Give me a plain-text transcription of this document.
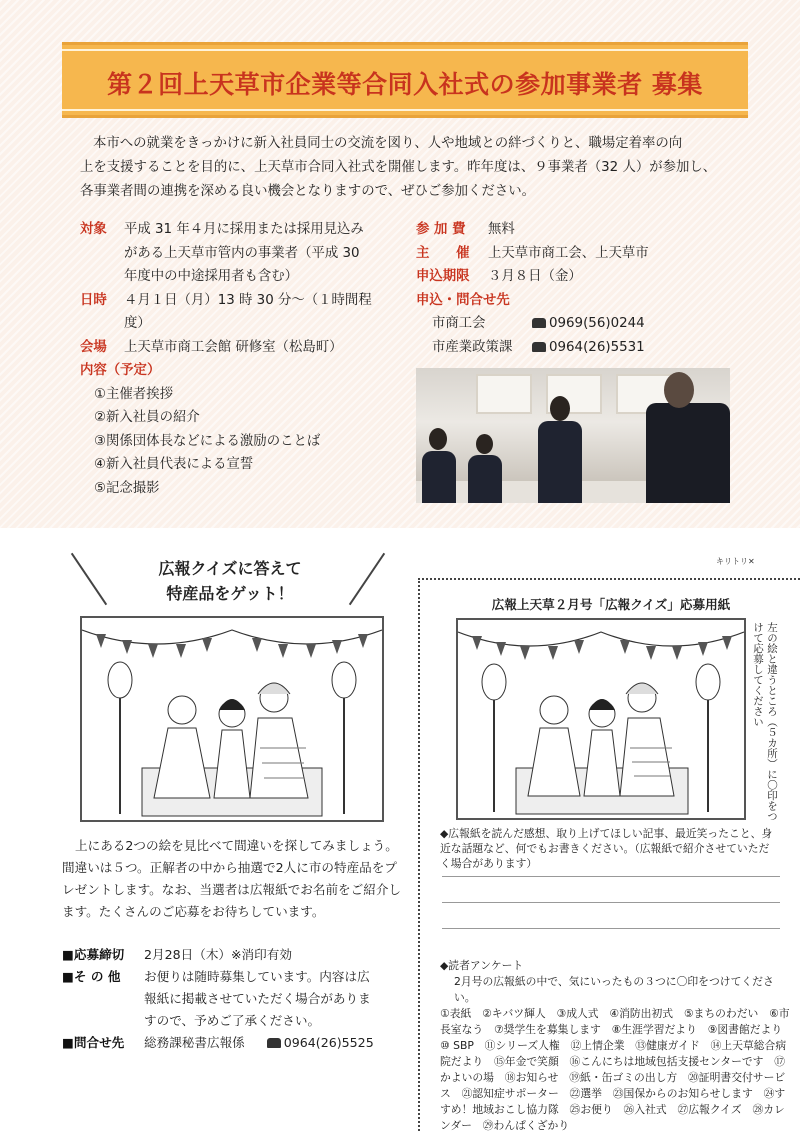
第２回上天草市企業等合同入社式の参加事業者 募集
本市への就業をきっかけに新入社員同士の交流を図り、人や地域との絆づくりと、職場定着率の向
上を支援することを目的に、上天草市合同入社式を開催します。昨年度は、９事業者（32 人）が参加し、
各事業者間の連携を深める良い機会となりますので、ぜひご参加ください。
対象	平成 31 年４月に採用または採用見込み
がある上天草市管内の事業者（平成 30
年度中の中途採用者も含む）
日時	４月１日（月）13 時 30 分～（１時間程度）
会場	上天草市商工会館 研修室（松島町）
内容（予定）
①主催者挨拶
②新入社員の紹介
③関係団体長などによる激励のことば
④新入社員代表による宣誓
⑤記念撮影
参 加 費	無料
主　　催	上天草市商工会、上天草市
申込期限	３月８日（金）
申込・問合せ先
市商工会	0969(56)0244
市産業政策課	0964(26)5531
キリトリ✕
広報クイズに答えて
特産品をゲット！
上にある2つの絵を見比べて間違いを探してみましょう。間違いは５つ。正解者の中から抽選で2人に市の特産品をプレゼントします。なお、当選者は広報紙でお名前をご紹介します。たくさんのご応募をお待ちしています。
■応募締切	2月28日（木）※消印有効
■そ の 他	お便りは随時募集しています。内容は広
報紙に掲載させていただく場合がありま
すので、予めご了承ください。
■問合せ先	総務課秘書広報係	0964(26)5525
広報上天草２月号「広報クイズ」応募用紙
左の絵と違うところ（５カ所）に〇印をつけて応募してください
◆広報紙を読んだ感想、取り上げてほしい記事、最近笑ったこと、身近な話題など、何でもお書きください。（広報紙で紹介させていただく場合があります）
◆読者アンケート
2月号の広報紙の中で、気にいったもの３つに〇印をつけてください。
①表紙　②キバツ輝人　③成人式　④消防出初式　⑤まちのわだい　⑥市長室なう　⑦奨学生を募集します　⑧生涯学習だより　⑨図書館だより　⑩ SBP　⑪シリーズ人権　⑫上情企業　⑬健康ガイド　⑭上天草総合病院だより　⑮年金で笑顔　⑯こんにちは地域包括支援センターです　⑰かよいの場　⑱お知らせ　⑲紙・缶ゴミの出し方　⑳証明書交付サービス　㉑認知症サポーター　㉒選挙　㉓国保からのお知らせします　㉔すすめ！地域おこし協力隊　㉕お便り　㉖入社式　㉗広報クイズ　㉘カレンダー　㉙わんぱくざかり
